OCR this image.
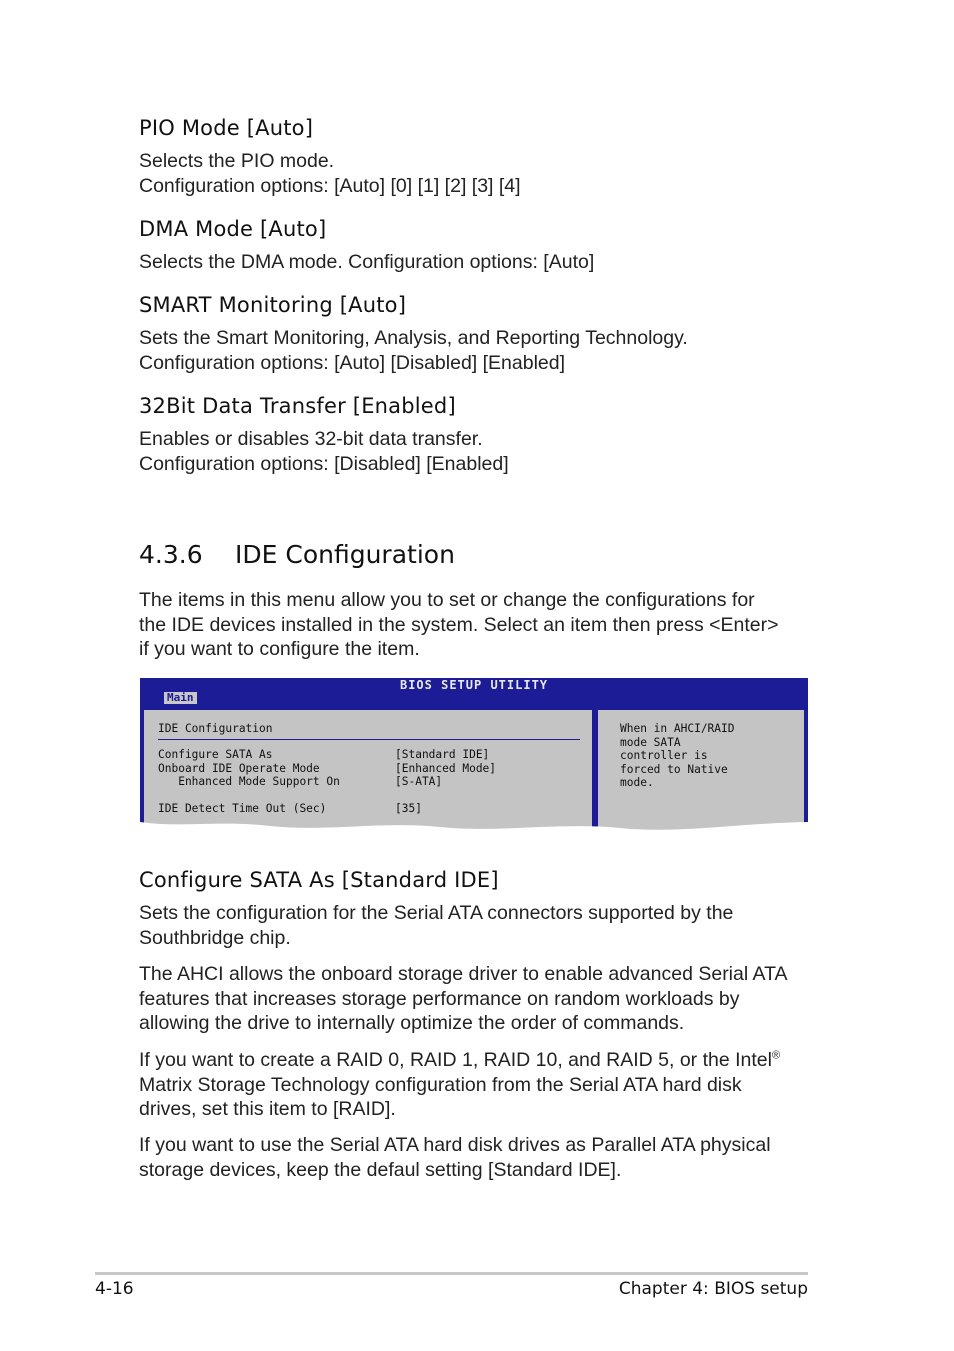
PIO Mode [Auto]

Selects the PIO mode.
Configuration options: [Auto] [0] [1] [2] [3] [4]

DMA Mode [Auto]

Selects the DMA mode. Configuration options: [Auto]

SMART Monitoring [Auto]

Sets the Smart Monitoring, Analysis, and Reporting Technology.
Configuration options: [Auto] [Disabled] [Enabled]

32Bit Data Transfer [Enabled]

Enables or disables 32-bit data transfer.
Configuration options: [Disabled] [Enabled]

4.3.6 IDE Configuration

The items in this menu allow you to set or change the configurations for
the IDE devices installed in the system. Select an item then press <Enter>
if you want to configure the item.

BIOS SETUP UTILITY
Main
IDE Configuration
Configure SATA As	[Standard IDE]
Onboard IDE Operate Mode	[Enhanced Mode]
Enhanced Mode Support On	[S-ATA]
IDE Detect Time Out (Sec)	[35]
When in AHCI/RAID
mode SATA
controller is
forced to Native
mode.
Configure SATA As [Standard IDE]

Sets the configuration for the Serial ATA connectors supported by the
Southbridge chip.

The AHCI allows the onboard storage driver to enable advanced Serial ATA
features that increases storage performance on random workloads by
allowing the drive to internally optimize the order of commands.

If you want to create a RAID 0, RAID 1, RAID 10, and RAID 5, or the Intel®
Matrix Storage Technology configuration from the Serial ATA hard disk
drives, set this item to [RAID].

If you want to use the Serial ATA hard disk drives as Parallel ATA physical
storage devices, keep the defaul setting [Standard IDE].

4-16	Chapter 4: BIOS setup
